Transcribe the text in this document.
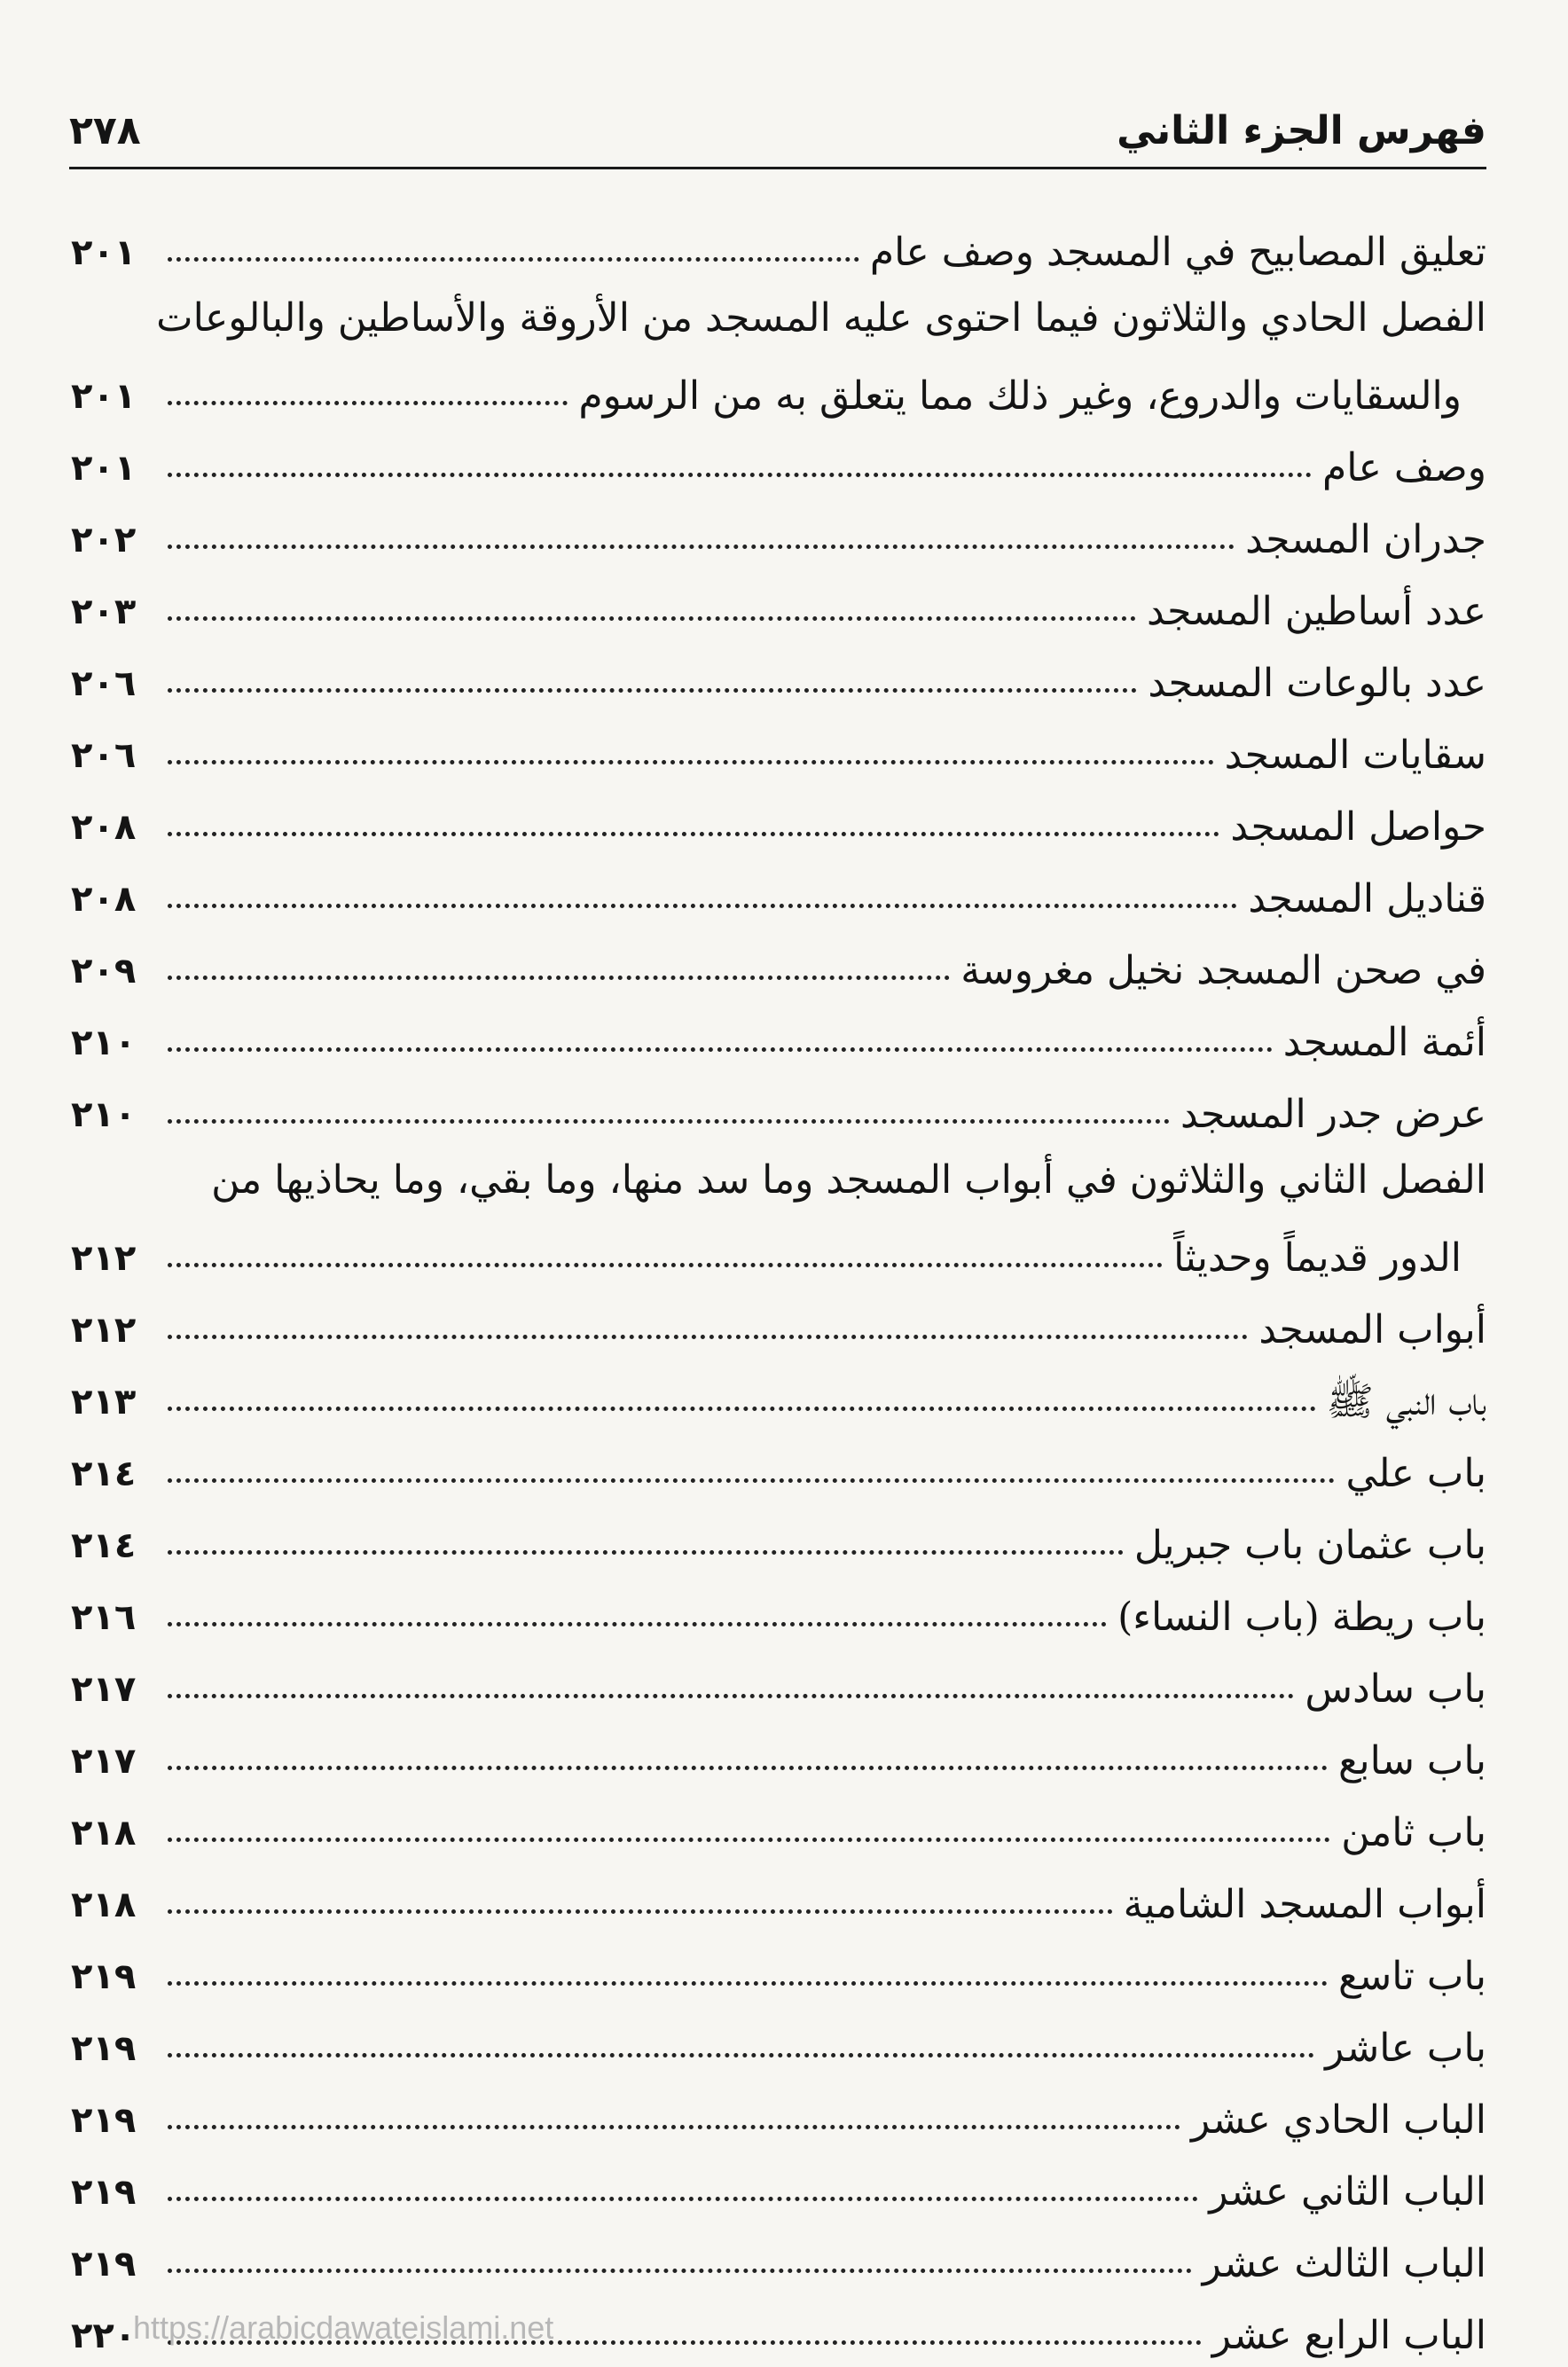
٢٧٨	فهرس الجزء الثاني
تعليق المصابيح في المسجد وصف عام
٢٠١
الفصل الحادي والثلاثون فيما احتوى عليه المسجد من الأروقة والأساطين والبالوعات
والسقايات والدروع، وغير ذلك مما يتعلق به من الرسوم
٢٠١
وصف عام
٢٠١
جدران المسجد
٢٠٢
عدد أساطين المسجد
٢٠٣
عدد بالوعات المسجد
٢٠٦
سقايات المسجد
٢٠٦
حواصل المسجد
٢٠٨
قناديل المسجد
٢٠٨
في صحن المسجد نخيل مغروسة
٢٠٩
أئمة المسجد
٢١٠
عرض جدر المسجد
٢١٠
الفصل الثاني والثلاثون في أبواب المسجد وما سد منها، وما بقي، وما يحاذيها من
الدور قديماً وحديثاً
٢١٢
أبواب المسجد
٢١٢
باب النبي ﷺ
٢١٣
باب علي
٢١٤
باب عثمان باب جبريل
٢١٤
باب ريطة (باب النساء)
٢١٦
باب سادس
٢١٧
باب سابع
٢١٧
باب ثامن
٢١٨
أبواب المسجد الشامية
٢١٨
باب تاسع
٢١٩
باب عاشر
٢١٩
الباب الحادي عشر
٢١٩
الباب الثاني عشر
٢١٩
الباب الثالث عشر
٢١٩
الباب الرابع عشر
٢٢٠
https://arabicdawateislami.net
